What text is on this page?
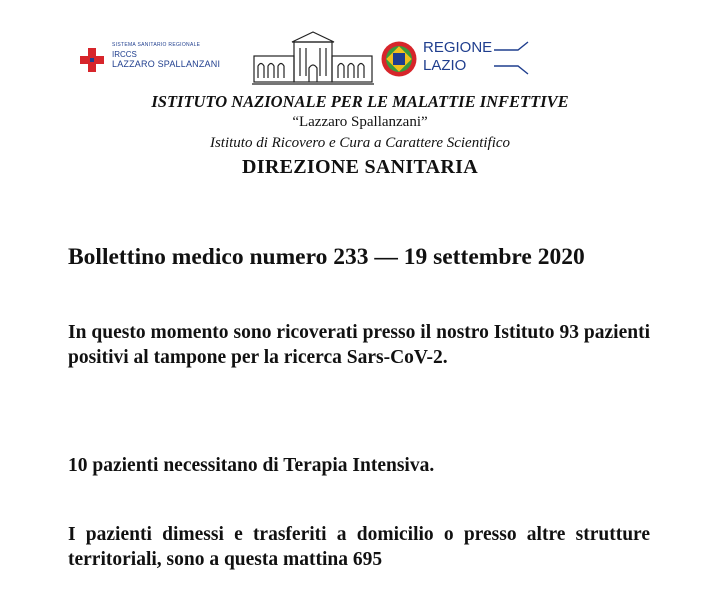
SISTEMA SANITARIO REGIONALE
IRCCS
LAZZARO SPALLANZANI
REGIONE
LAZIO
ISTITUTO NAZIONALE PER LE MALATTIE INFETTIVE
“Lazzaro Spallanzani”
Istituto di Ricovero e Cura a Carattere Scientifico
DIREZIONE SANITARIA
Bollettino medico numero 233 — 19 settembre 2020
In questo momento sono ricoverati presso il nostro Istituto 93 pazienti positivi al tampone per la ricerca Sars-CoV-2.
10 pazienti necessitano di Terapia Intensiva.
I pazienti dimessi e trasferiti a domicilio o presso altre strutture territoriali, sono a questa mattina 695
